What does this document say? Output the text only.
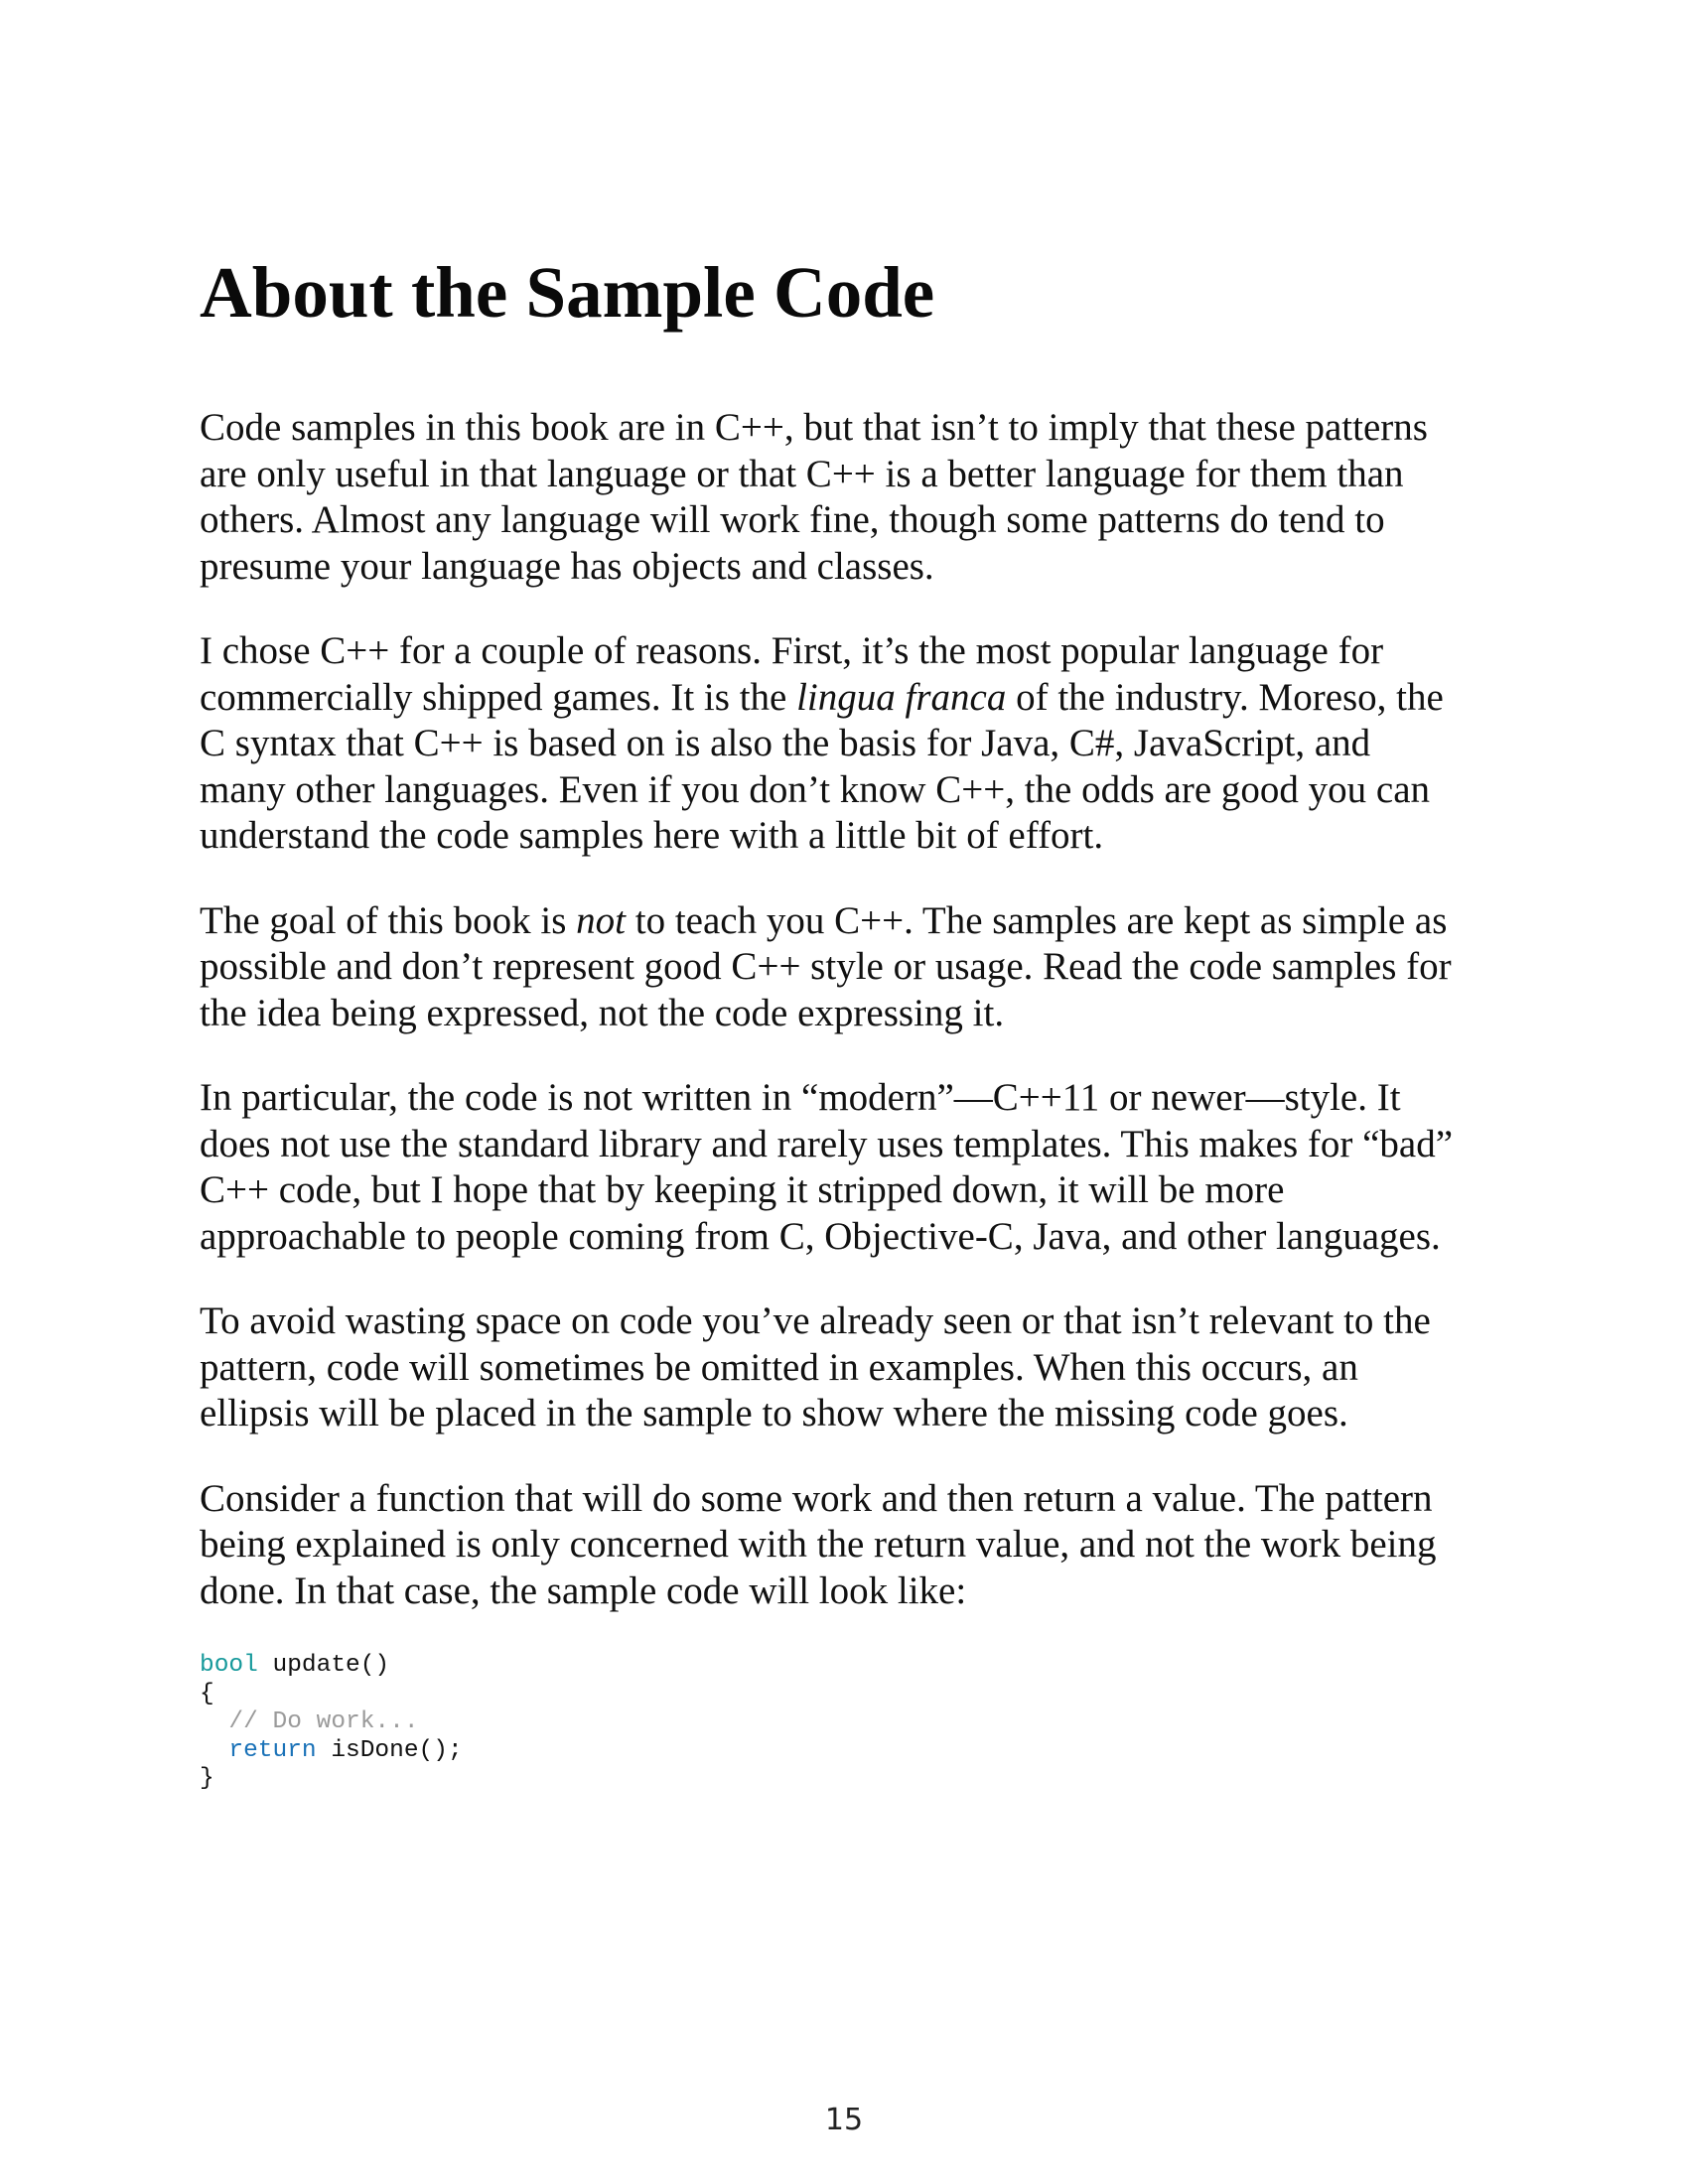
About the Sample Code

Code samples in this book are in C++, but that isn’t to imply that these patterns
are only useful in that language or that C++ is a better language for them than
others. Almost any language will work fine, though some patterns do tend to
presume your language has objects and classes.

I chose C++ for a couple of reasons. First, it’s the most popular language for
commercially shipped games. It is the lingua franca of the industry. Moreso, the
C syntax that C++ is based on is also the basis for Java, C#, JavaScript, and
many other languages. Even if you don’t know C++, the odds are good you can
understand the code samples here with a little bit of effort.

The goal of this book is not to teach you C++. The samples are kept as simple as
possible and don’t represent good C++ style or usage. Read the code samples for
the idea being expressed, not the code expressing it.

In particular, the code is not written in “modern”—C++11 or newer—style. It
does not use the standard library and rarely uses templates. This makes for “bad”
C++ code, but I hope that by keeping it stripped down, it will be more
approachable to people coming from C, Objective-C, Java, and other languages.

To avoid wasting space on code you’ve already seen or that isn’t relevant to the
pattern, code will sometimes be omitted in examples. When this occurs, an
ellipsis will be placed in the sample to show where the missing code goes.

Consider a function that will do some work and then return a value. The pattern
being explained is only concerned with the return value, and not the work being
done. In that case, the sample code will look like:

bool update()
{
// Do work...
return isDone();
}
15
